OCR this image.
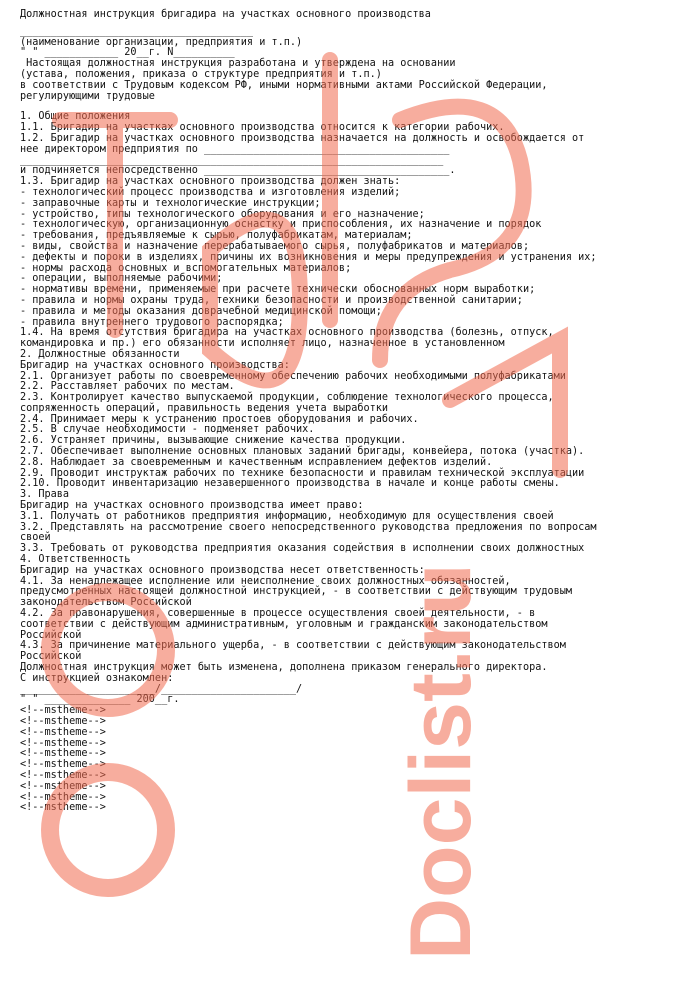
Должностная инструкция бригадира на участках основного производства
______________________________________
(наименование организации, предприятия и т.п.)
" " ____________ 20__г. N__________
Настоящая должностная инструкция разработана и утверждена на основании
(устава, положения, приказа о структуре предприятия и т.п.)
в соответствии с Трудовым кодексом РФ, иными нормативными актами Российской Федерации,
регулирующими трудовые
1. Общие положения
1.1. Бригадир на участках основного производства относится к категории рабочих.
1.2. Бригадир на участках основного производства назначается на должность и освобождается от
нее директором предприятия по ________________________________________
_____________________________________________________________________
и подчиняется непосредственно ________________________________________.
1.3. Бригадир на участках основного производства должен знать:
- технологический процесс производства и изготовления изделий;
- заправочные карты и технологические инструкции;
- устройство, типы технологического оборудования и его назначение;
- технологическую, организационную оснастку и приспособления, их назначение и порядок
- требования, предъявляемые к сырью, полуфабрикатам, материалам;
- виды, свойства и назначение перерабатываемого сырья, полуфабрикатов и материалов;
- дефекты и пороки в изделиях, причины их возникновения и меры предупреждения и устранения их;
- нормы расхода основных и вспомогательных материалов;
- операции, выполняемые рабочими;
- нормативы времени, применяемые при расчете технически обоснованных норм выработки;
- правила и нормы охраны труда, техники безопасности и производственной санитарии;
- правила и методы оказания доврачебной медицинской помощи;
- правила внутреннего трудового распорядка;
1.4. На время отсутствия бригадира на участках основного производства (болезнь, отпуск,
командировка и пр.) его обязанности исполняет лицо, назначенное в установленном
2. Должностные обязанности
Бригадир на участках основного производства:
2.1. Организует работы по своевременному обеспечению рабочих необходимыми полуфабрикатами
2.2. Расставляет рабочих по местам.
2.3. Контролирует качество выпускаемой продукции, соблюдение технологического процесса,
сопряженность операций, правильность ведения учета выработки
2.4. Принимает меры к устранению простоев оборудования и рабочих.
2.5. В случае необходимости - подменяет рабочих.
2.6. Устраняет причины, вызывающие снижение качества продукции.
2.7. Обеспечивает выполнение основных плановых заданий бригады, конвейера, потока (участка).
2.8. Наблюдает за своевременным и качественным исправлением дефектов изделий.
2.9. Проводит инструктаж рабочих по технике безопасности и правилам технической эксплуатации
2.10. Проводит инвентаризацию незавершенного производства в начале и конце работы смены.
3. Права
Бригадир на участках основного производства имеет право:
3.1. Получать от работников предприятия информацию, необходимую для осуществления своей
3.2. Представлять на рассмотрение своего непосредственного руководства предложения по вопросам
своей
3.3. Требовать от руководства предприятия оказания содействия в исполнении своих должностных
4. Ответственность
Бригадир на участках основного производства несет ответственность:
4.1. За ненадлежащее исполнение или неисполнение своих должностных обязанностей,
предусмотренных настоящей должностной инструкцией, - в соответствии с действующим трудовым
законодательством Российской
4.2. За правонарушения, совершенные в процессе осуществления своей деятельности, - в
соответствии с действующим административным, уголовным и гражданским законодательством
Российской
4.3. За причинение материального ущерба, - в соответствии с действующим законодательством
Российской
Должностная инструкция может быть изменена, дополнена приказом генерального директора.
С инструкцией ознакомлен:
______________________/______________________/
" " ______________ 200__г.
<!--mstheme-->
<!--mstheme-->
<!--mstheme-->
<!--mstheme-->
<!--mstheme-->
<!--mstheme-->
<!--mstheme-->
<!--mstheme-->
<!--mstheme-->
<!--mstheme-->	Doclist.ru
